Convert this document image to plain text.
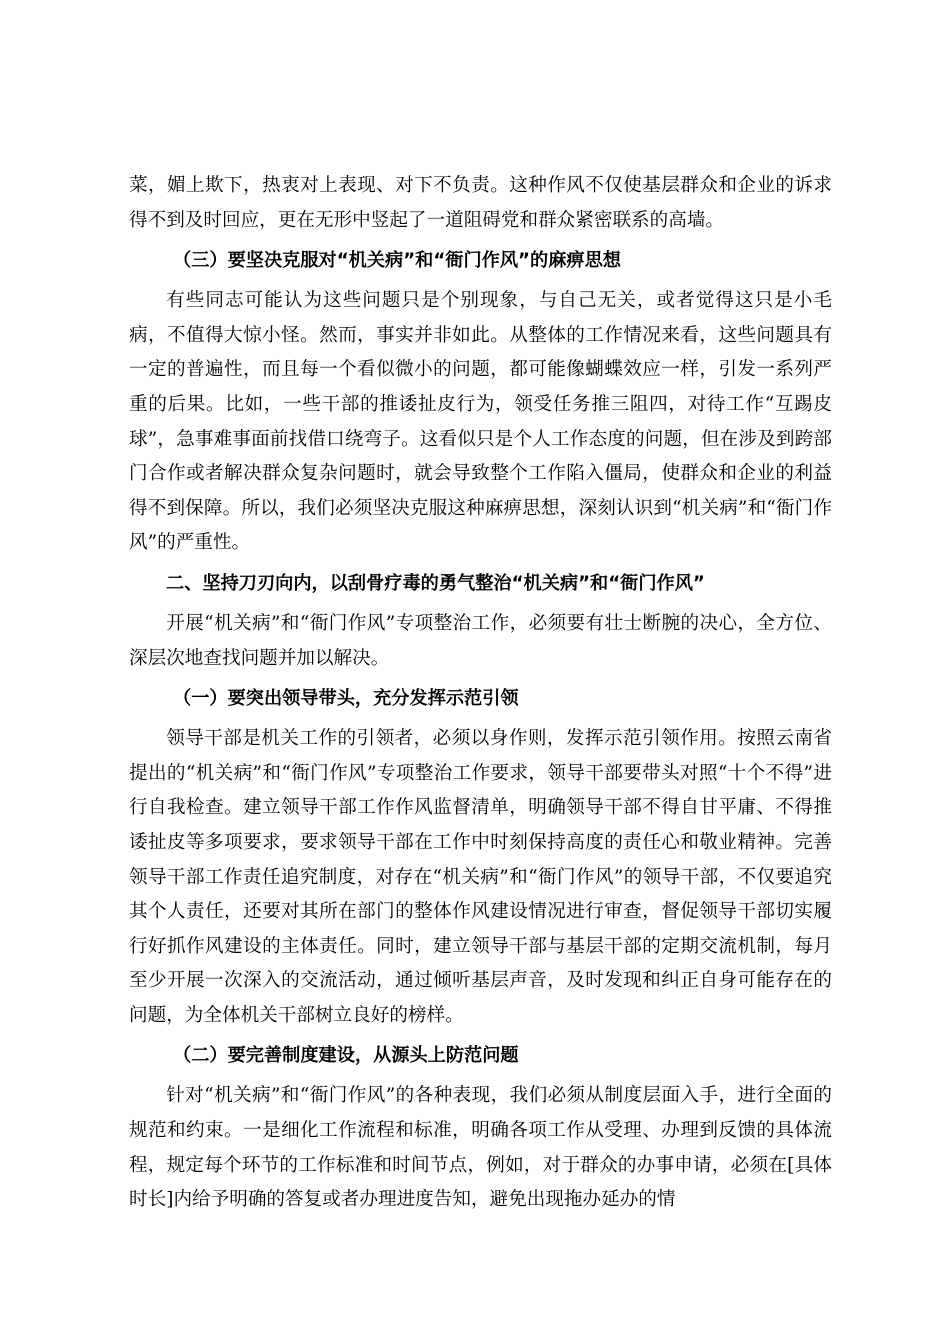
菜，媚上欺下，热衷对上表现、对下不负责。这种作风不仅使基层群众和企业的诉求得不到及时回应，更在无形中竖起了一道阻碍党和群众紧密联系的高墙。

（三）要坚决克服对“机关病”和“衙门作风”的麻痹思想

有些同志可能认为这些问题只是个别现象，与自己无关，或者觉得这只是小毛病，不值得大惊小怪。然而，事实并非如此。从整体的工作情况来看，这些问题具有一定的普遍性，而且每一个看似微小的问题，都可能像蝴蝶效应一样，引发一系列严重的后果。比如，一些干部的推诿扯皮行为，领受任务推三阻四，对待工作“互踢皮球”，急事难事面前找借口绕弯子。这看似只是个人工作态度的问题，但在涉及到跨部门合作或者解决群众复杂问题时，就会导致整个工作陷入僵局，使群众和企业的利益得不到保障。所以，我们必须坚决克服这种麻痹思想，深刻认识到“机关病”和“衙门作风”的严重性。

二、坚持刀刃向内，以刮骨疗毒的勇气整治“机关病”和“衙门作风”

开展“机关病”和“衙门作风”专项整治工作，必须要有壮士断腕的决心，全方位、深层次地查找问题并加以解决。

（一）要突出领导带头，充分发挥示范引领

领导干部是机关工作的引领者，必须以身作则，发挥示范引领作用。按照云南省提出的“机关病”和“衙门作风”专项整治工作要求，领导干部要带头对照“十个不得”进行自我检查。建立领导干部工作作风监督清单，明确领导干部不得自甘平庸、不得推诿扯皮等多项要求，要求领导干部在工作中时刻保持高度的责任心和敬业精神。完善领导干部工作责任追究制度，对存在“机关病”和“衙门作风”的领导干部，不仅要追究其个人责任，还要对其所在部门的整体作风建设情况进行审查，督促领导干部切实履行好抓作风建设的主体责任。同时，建立领导干部与基层干部的定期交流机制，每月至少开展一次深入的交流活动，通过倾听基层声音，及时发现和纠正自身可能存在的问题，为全体机关干部树立良好的榜样。

（二）要完善制度建设，从源头上防范问题

针对“机关病”和“衙门作风”的各种表现，我们必须从制度层面入手，进行全面的规范和约束。一是细化工作流程和标准，明确各项工作从受理、办理到反馈的具体流程，规定每个环节的工作标准和时间节点，例如，对于群众的办事申请，必须在[具体时长]内给予明确的答复或者办理进度告知，避免出现拖办延办的情
